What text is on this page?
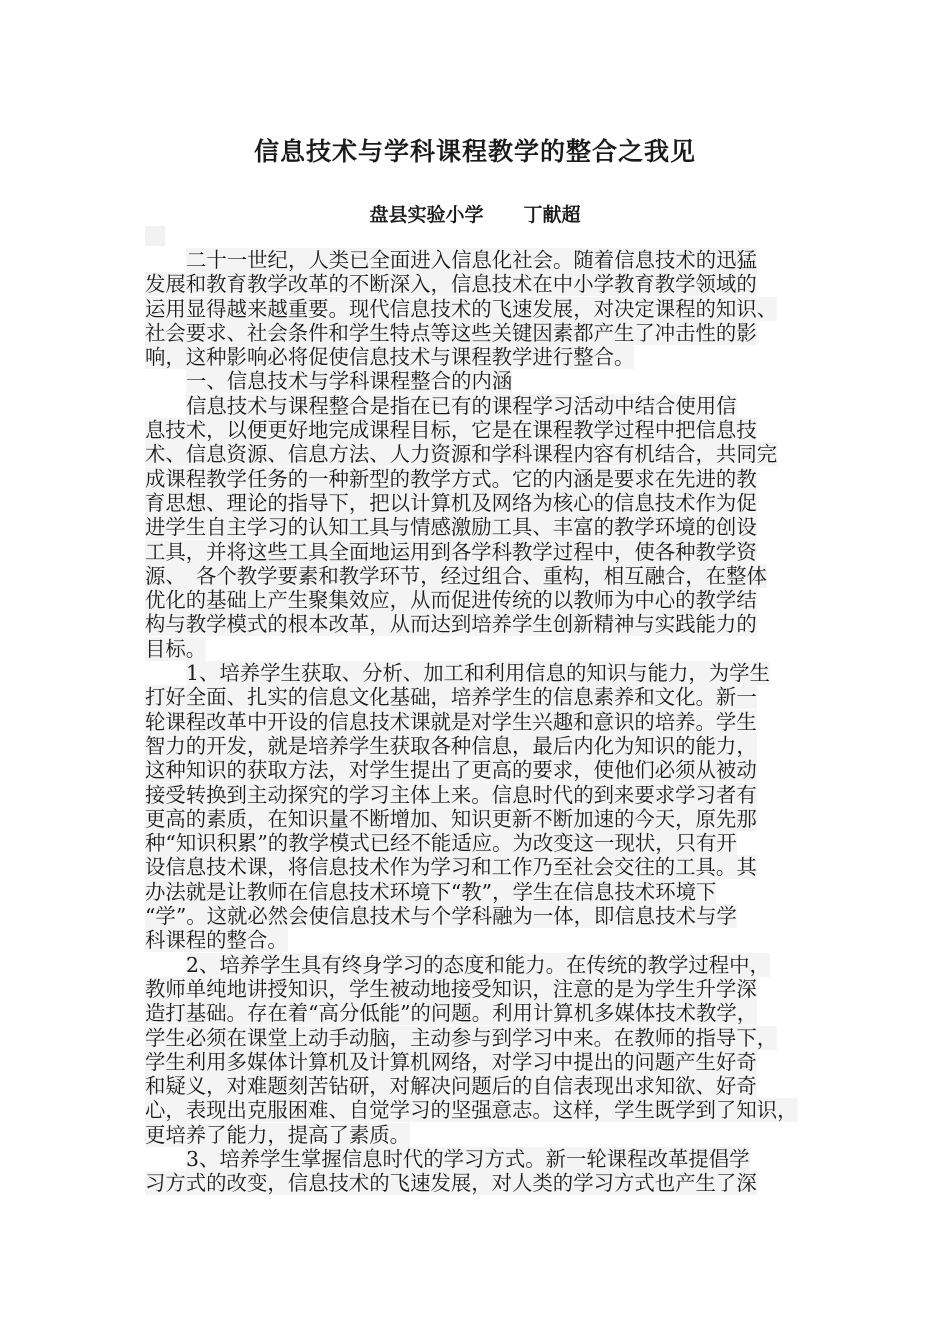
信息技术与学科课程教学的整合之我见

盘县实验小学 丁献超

二十一世纪，人类已全面进入信息化社会。随着信息技术的迅猛
发展和教育教学改革的不断深入，信息技术在中小学教育教学领域的
运用显得越来越重要。现代信息技术的飞速发展，对决定课程的知识、
社会要求、社会条件和学生特点等这些关键因素都产生了冲击性的影
响，这种影响必将促使信息技术与课程教学进行整合。
一、信息技术与学科课程整合的内涵
信息技术与课程整合是指在已有的课程学习活动中结合使用信
息技术，以便更好地完成课程目标，它是在课程教学过程中把信息技
术、信息资源、信息方法、人力资源和学科课程内容有机结合，共同完
成课程教学任务的一种新型的教学方式。它的内涵是要求在先进的教
育思想、理论的指导下，把以计算机及网络为核心的信息技术作为促
进学生自主学习的认知工具与情感激励工具、丰富的教学环境的创设
工具，并将这些工具全面地运用到各学科教学过程中，使各种教学资
源、　各个教学要素和教学环节，经过组合、重构，相互融合，在整体
优化的基础上产生聚集效应，从而促进传统的以教师为中心的教学结
构与教学模式的根本改革，从而达到培养学生创新精神与实践能力的
目标。
1、培养学生获取、分析、加工和利用信息的知识与能力，为学生
打好全面、扎实的信息文化基础，培养学生的信息素养和文化。新一
轮课程改革中开设的信息技术课就是对学生兴趣和意识的培养。学生
智力的开发，就是培养学生获取各种信息，最后内化为知识的能力，
这种知识的获取方法，对学生提出了更高的要求，使他们必须从被动
接受转换到主动探究的学习主体上来。信息时代的到来要求学习者有
更高的素质，在知识量不断增加、知识更新不断加速的今天，原先那
种“知识积累”的教学模式已经不能适应。为改变这一现状，只有开
设信息技术课，将信息技术作为学习和工作乃至社会交往的工具。其
办法就是让教师在信息技术环境下“教”，学生在信息技术环境下
“学”。这就必然会使信息技术与个学科融为一体，即信息技术与学
科课程的整合。
2、培养学生具有终身学习的态度和能力。在传统的教学过程中，
教师单纯地讲授知识，学生被动地接受知识，注意的是为学生升学深
造打基础。存在着“高分低能”的问题。利用计算机多媒体技术教学，
学生必须在课堂上动手动脑，主动参与到学习中来。在教师的指导下，
学生利用多媒体计算机及计算机网络，对学习中提出的问题产生好奇
和疑义，对难题刻苦钻研，对解决问题后的自信表现出求知欲、好奇
心，表现出克服困难、自觉学习的坚强意志。这样，学生既学到了知识，
更培养了能力，提高了素质。
3、培养学生掌握信息时代的学习方式。新一轮课程改革提倡学
习方式的改变，信息技术的飞速发展，对人类的学习方式也产生了深
